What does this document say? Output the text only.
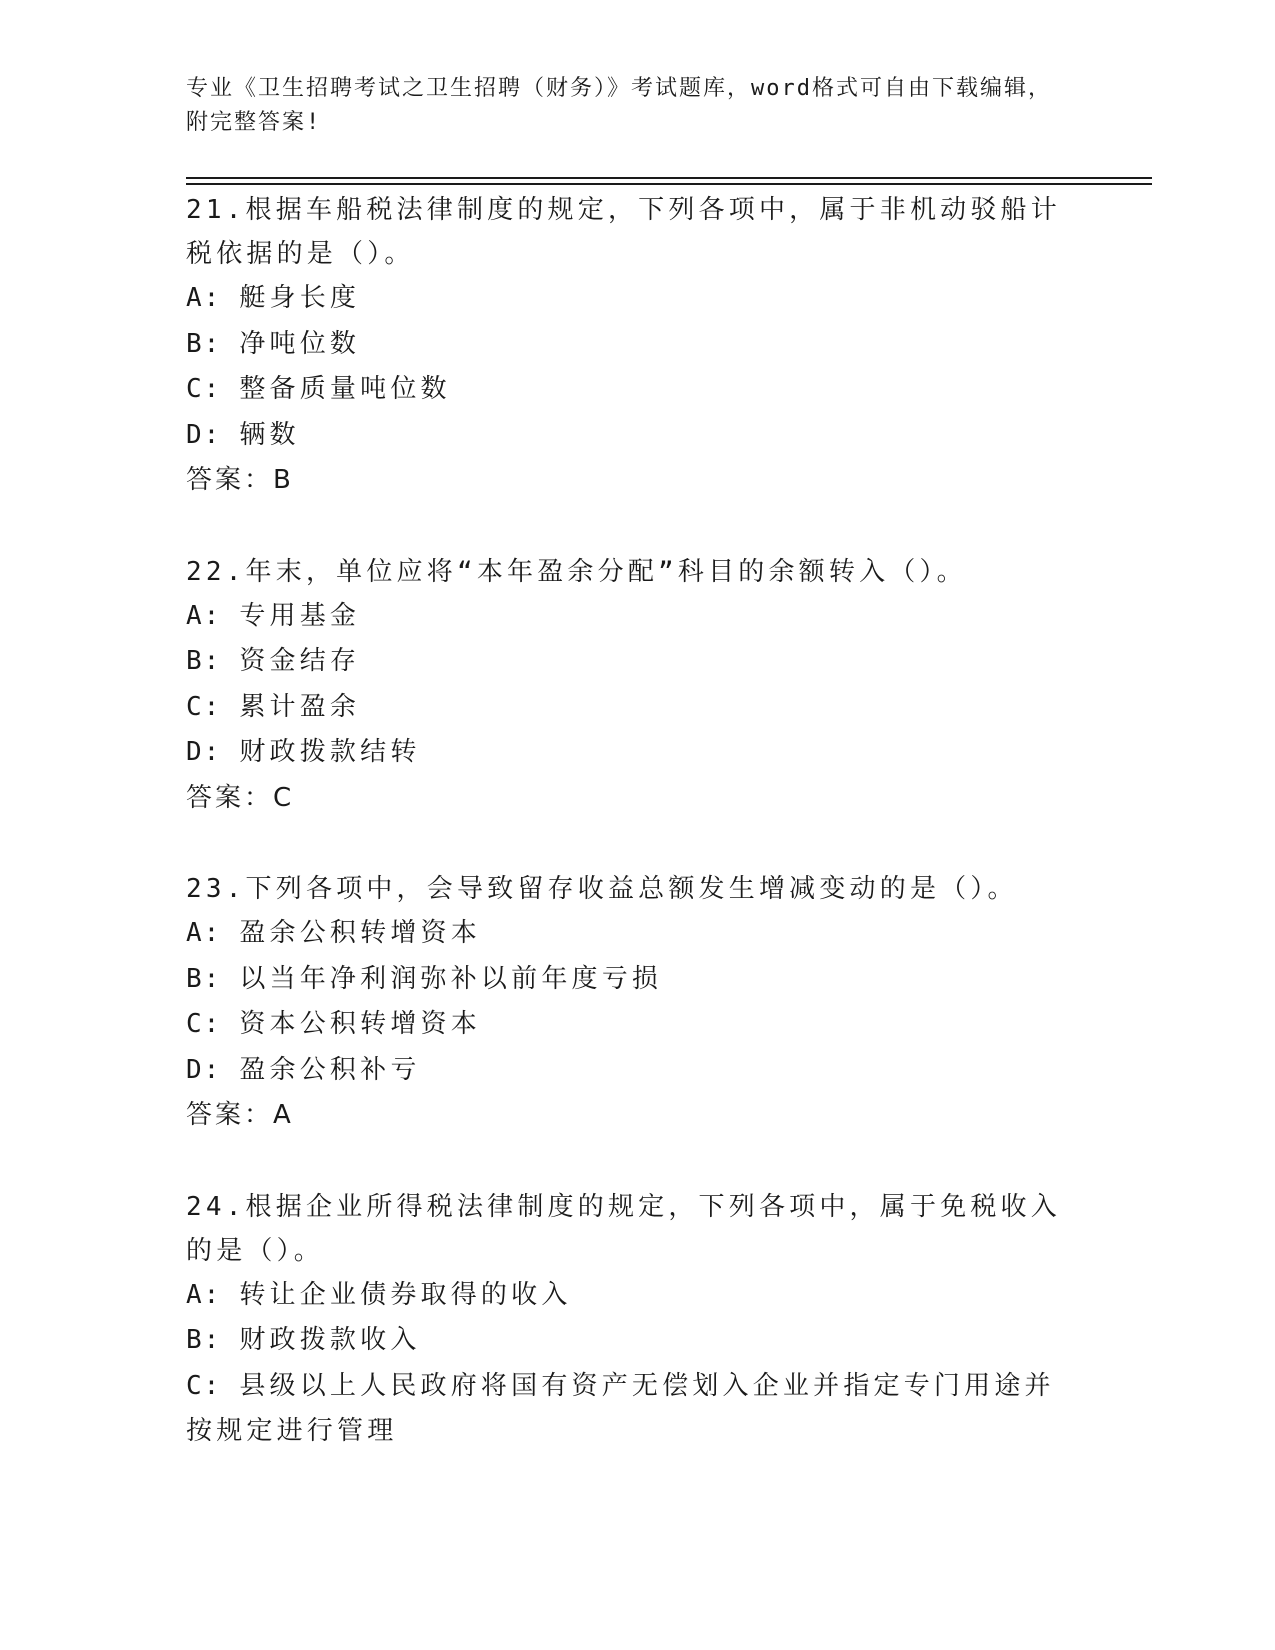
专业《卫生招聘考试之卫生招聘（财务）》考试题库，word格式可自由下载编辑，附完整答案!

21.根据车船税法律制度的规定，下列各项中，属于非机动驳船计税依据的是（）。

A: 艇身长度

B: 净吨位数

C: 整备质量吨位数

D: 辆数

答案：B

22.年末，单位应将“本年盈余分配”科目的余额转入（）。

A: 专用基金

B: 资金结存

C: 累计盈余

D: 财政拨款结转

答案：C

23.下列各项中，会导致留存收益总额发生增减变动的是（）。

A: 盈余公积转增资本

B: 以当年净利润弥补以前年度亏损

C: 资本公积转增资本

D: 盈余公积补亏

答案：A

24.根据企业所得税法律制度的规定，下列各项中，属于免税收入的是（）。

A: 转让企业债券取得的收入

B: 财政拨款收入

C: 县级以上人民政府将国有资产无偿划入企业并指定专门用途并按规定进行管理
